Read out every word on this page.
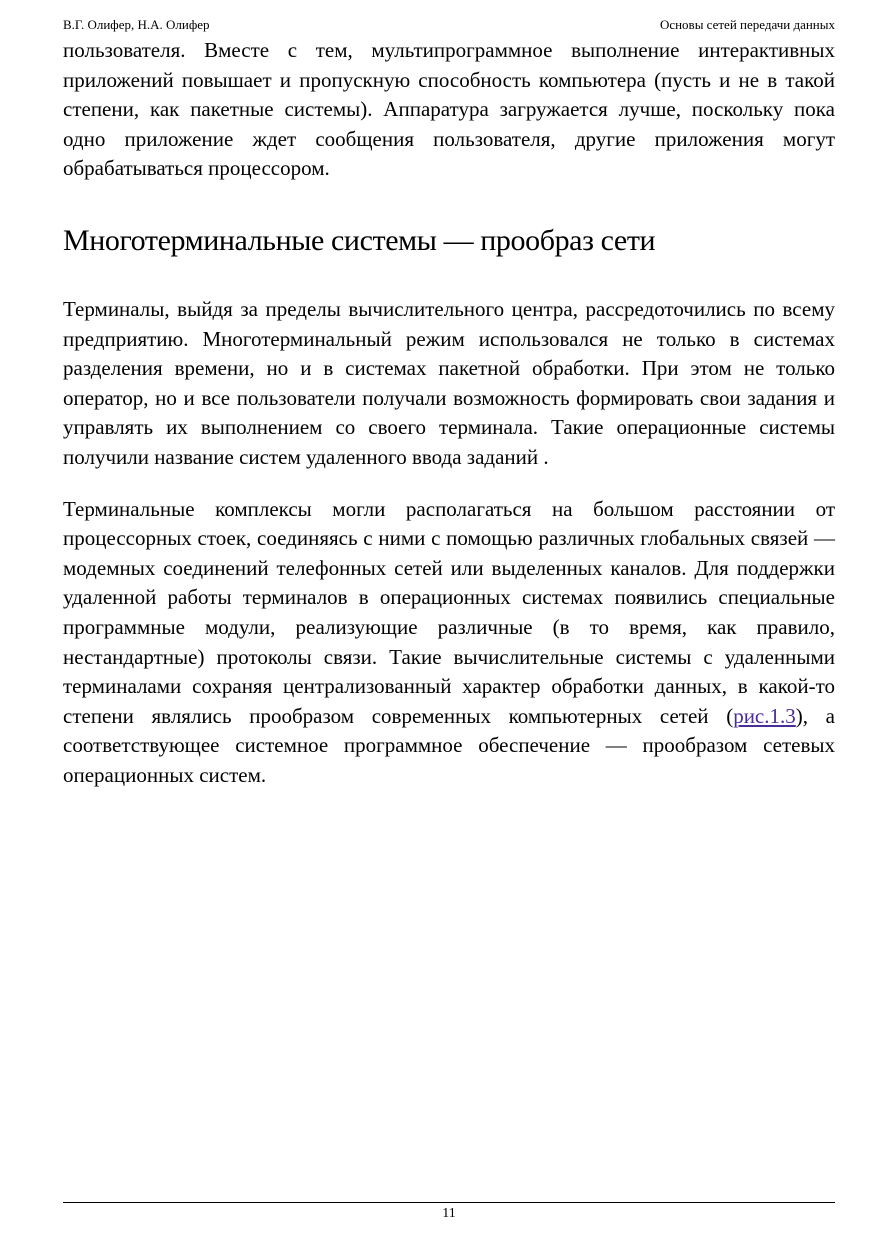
В.Г. Олифер, Н.А. Олифер	Основы сетей передачи данных

пользователя. Вместе с тем, мультипрограммное выполнение интерактивных приложений повышает и пропускную способность компьютера (пусть и не в такой степени, как пакетные системы). Аппаратура загружается лучше, поскольку пока одно приложение ждет сообщения пользователя, другие приложения могут обрабатываться процессором.

Многотерминальные системы — прообраз сети

Терминалы, выйдя за пределы вычислительного центра, рассредоточились по всему предприятию. Многотерминальный режим использовался не только в системах разделения времени, но и в системах пакетной обработки. При этом не только оператор, но и все пользователи получали возможность формировать свои задания и управлять их выполнением со своего терминала. Такие операционные системы получили название систем удаленного ввода заданий .

Терминальные комплексы могли располагаться на большом расстоянии от процессорных стоек, соединяясь с ними с помощью различных глобальных связей — модемных соединений телефонных сетей или выделенных каналов. Для поддержки удаленной работы терминалов в операционных системах появились специальные программные модули, реализующие различные (в то время, как правило, нестандартные) протоколы связи. Такие вычислительные системы с удаленными терминалами сохраняя централизованный характер обработки данных, в какой-то степени являлись прообразом современных компьютерных сетей (рис.1.3), а соответствующее системное программное обеспечение — прообразом сетевых операционных систем.

11
